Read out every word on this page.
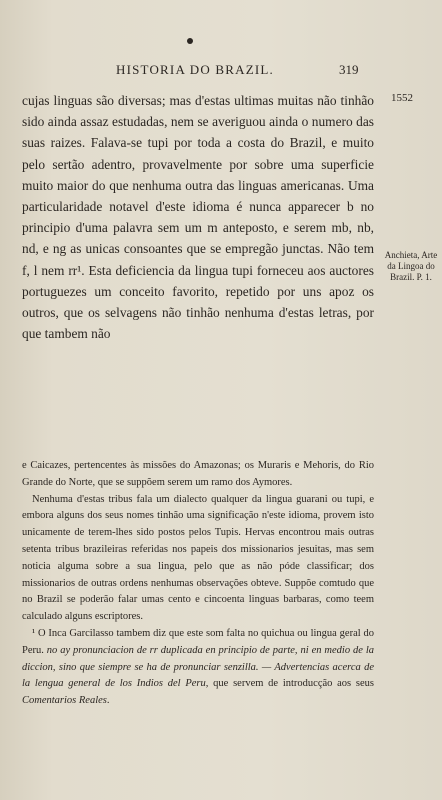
HISTORIA DO BRAZIL.	319
1552

cujas linguas são diversas; mas d'estas ultimas muitas não tinhão sido ainda assaz estudadas, nem se averiguou ainda o numero das suas raizes. Falava-se tupi por toda a costa do Brazil, e muito pelo sertão adentro, provavelmente por sobre uma superficie muito maior do que nenhuma outra das linguas americanas. Uma particularidade notavel d'este idioma é nunca apparecer b no principio d'uma palavra sem um m anteposto, e serem mb, nb, nd, e ng as unicas consoantes que se empregão junctas. Não tem f, l nem rr¹. Esta deficiencia da lingua tupi forneceu aos auctores portuguezes um conceito favorito, repetido por uns apoz os outros, que os selvagens não tinhão nenhuma d'estas letras, por que tambem não

Anchieta, Arte da Lingoa do Brazil. P. 1.

e Caicazes, pertencentes às missões do Amazonas; os Muraris e Mehoris, do Rio Grande do Norte, que se suppõem serem um ramo dos Aymores.

Nenhuma d'estas tribus fala um dialecto qualquer da lingua guarani ou tupi, e embora alguns dos seus nomes tinhão uma significação n'este idioma, provem isto unicamente de terem-lhes sido postos pelos Tupis. Hervas encontrou mais outras setenta tribus brazileiras referidas nos papeis dos missionarios jesuitas, mas sem noticia alguma sobre a sua lingua, pelo que as não póde classificar; dos missionarios de outras ordens nenhumas observações obteve. Suppõe comtudo que no Brazil se poderão falar umas cento e cincoenta linguas barbaras, como teem calculado alguns escriptores.

¹ O Inca Garcilasso tambem diz que este som falta no quichua ou lingua geral do Peru. no ay pronunciacion de rr duplicada en principio de parte, ni en medio de la diccion, sino que siempre se ha de pronunciar senzilla. — Advertencias acerca de la lengua general de los Indios del Peru, que servem de introducção aos seus Comentarios Reales.
